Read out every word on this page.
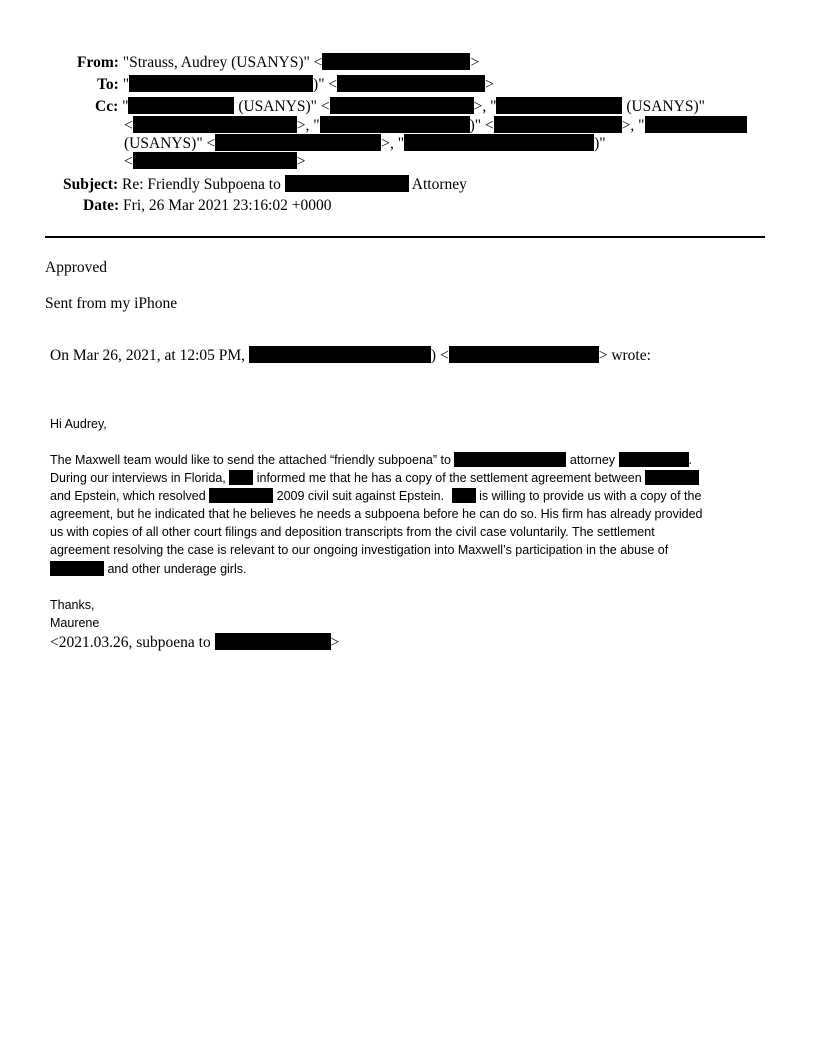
From: "Strauss, Audrey (USANYS)" <	>
To: "	)" <	>
Cc: "	(USANYS)" <	>, "	(USANYS)"
<	>, "	)" <	>, "
(USANYS)" <	>, "	)"
<	>
Subject: Re: Friendly Subpoena to	Attorney
Date: Fri, 26 Mar 2021 23:16:02 +0000
Approved
Sent from my iPhone
On Mar 26, 2021, at 12:05 PM,	) <	> wrote:
Hi Audrey,
The Maxwell team would like to send the attached “friendly subpoena” to	attorney	.
During our interviews in Florida, informed me that he has a copy of the settlement agreement between
and Epstein, which resolved	2009 civil suit against Epstein.	is willing to provide us with a copy of the
agreement, but he indicated that he believes he needs a subpoena before he can do so. His firm has already provided
us with copies of all other court filings and deposition transcripts from the civil case voluntarily. The settlement
agreement resolving the case is relevant to our ongoing investigation into Maxwell’s participation in the abuse of
and other underage girls.
Thanks,
Maurene
<2021.03.26, subpoena to	>
